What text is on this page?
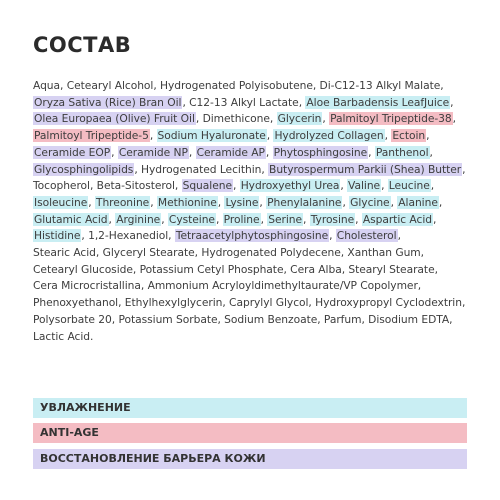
СОСТАВ
Aqua, Cetearyl Alcohol, Hydrogenated Polyisobutene, Di-C12-13 Alkyl Malate,
Oryza Sativa (Rice) Bran Oil, C12-13 Alkyl Lactate, Aloe Barbadensis LeafJuice,
Olea Europaea (Olive) Fruit Oil, Dimethicone, Glycerin, Palmitoyl Tripeptide-38,
Palmitoyl Tripeptide-5, Sodium Hyaluronate, Hydrolyzed Collagen, Ectoin,
Ceramide EOP, Ceramide NP, Ceramide AP, Phytosphingosine, Panthenol,
Glycosphingolipids, Hydrogenated Lecithin, Butyrospermum Parkii (Shea) Butter,
Tocopherol, Beta-Sitosterol, Squalene, Hydroxyethyl Urea, Valine, Leucine,
Isoleucine, Threonine, Methionine, Lysine, Phenylalanine, Glycine, Alanine,
Glutamic Acid, Arginine, Cysteine, Proline, Serine, Tyrosine, Aspartic Acid,
Histidine, 1,2-Hexanediol, Tetraacetylphytosphingosine, Cholesterol,
Stearic Acid, Glyceryl Stearate, Hydrogenated Polydecene, Xanthan Gum,
Cetearyl Glucoside, Potassium Cetyl Phosphate, Cera Alba, Stearyl Stearate,
Cera Microcristallina, Ammonium Acryloyldimethyltaurate/VP Copolymer,
Phenoxyethanol, Ethylhexylglycerin, Caprylyl Glycol, Hydroxypropyl Cyclodextrin,
Polysorbate 20, Potassium Sorbate, Sodium Benzoate, Parfum, Disodium EDTA,
Lactic Acid.
УВЛАЖНЕНИЕ
ANTI-AGE
ВОССТАНОВЛЕНИЕ БАРЬЕРА КОЖИ
